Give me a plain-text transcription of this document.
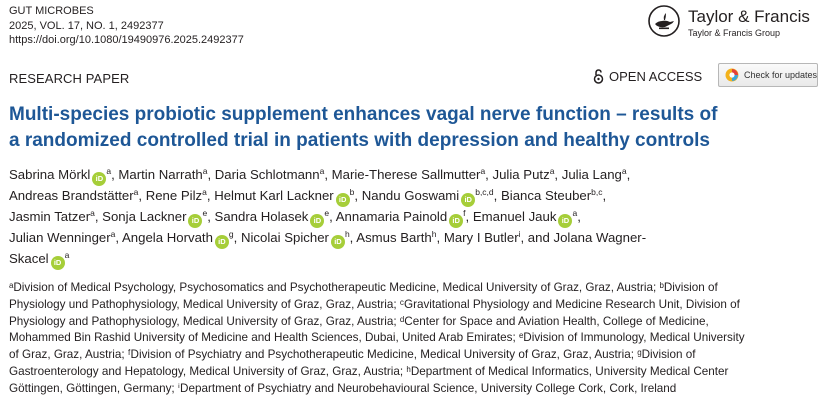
GUT MICROBES
2025, VOL. 17, NO. 1, 2492377
https://doi.org/10.1080/19490976.2025.2492377
Taylor & Francis
Taylor & Francis Group
RESEARCH PAPER	OPEN ACCESS	Check for updates
Multi-species probiotic supplement enhances vagal nerve function – results of
a randomized controlled trial in patients with depression and healthy controls
Sabrina Mörkl iD$^a$, Martin Narrath$^a$, Daria Schlotmann$^a$, Marie-Therese Sallmutter$^a$, Julia Putz$^a$, Julia Lang$^a$,
Andreas Brandstätter$^a$, Rene Pilz$^a$, Helmut Karl Lackner iD$^b$, Nandu Goswami iD$^{b,c,d}$, Bianca Steuber$^{b,c}$,
Jasmin Tatzer$^a$, Sonja Lackner iD$^e$, Sandra Holasek iD$^e$, Annamaria Painold iD$^f$, Emanuel Jauk iD$^a$,
Julian Wenninger$^a$, Angela Horvath iD$^g$, Nicolai Spicher iD$^h$, Asmus Barth$^h$, Mary I Butler$^i$, and Jolana Wagner-
Skacel iD$^a$
ᵃDivision of Medical Psychology, Psychosomatics and Psychotherapeutic Medicine, Medical University of Graz, Graz, Austria; ᵇDivision of
Physiology und Pathophysiology, Medical University of Graz, Graz, Austria; ᶜGravitational Physiology and Medicine Research Unit, Division of
Physiology and Pathophysiology, Medical University of Graz, Graz, Austria; ᵈCenter for Space and Aviation Health, College of Medicine,
Mohammed Bin Rashid University of Medicine and Health Sciences, Dubai, United Arab Emirates; ᵉDivision of Immunology, Medical University
of Graz, Graz, Austria; ᶠDivision of Psychiatry and Psychotherapeutic Medicine, Medical University of Graz, Graz, Austria; ᵍDivision of
Gastroenterology and Hepatology, Medical University of Graz, Graz, Austria; ʰDepartment of Medical Informatics, University Medical Center
Göttingen, Göttingen, Germany; ⁱDepartment of Psychiatry and Neurobehavioural Science, University College Cork, Cork, Ireland
